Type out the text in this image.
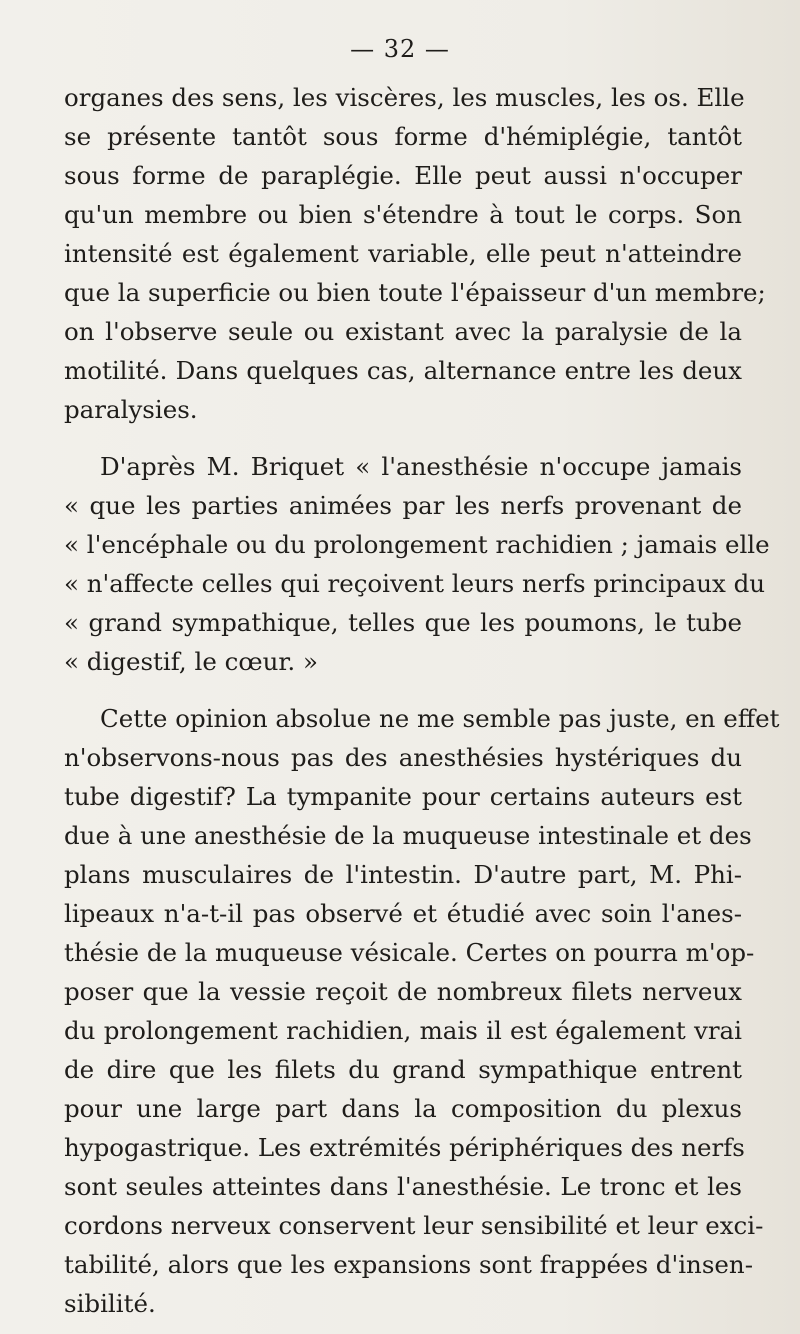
— 32 —
organes des sens, les viscères, les muscles, les os. Elle
se présente tantôt sous forme d'hémiplégie, tantôt
sous forme de paraplégie. Elle peut aussi n'occuper
qu'un membre ou bien s'étendre à tout le corps. Son
intensité est également variable, elle peut n'atteindre
que la superficie ou bien toute l'épaisseur d'un membre;
on l'observe seule ou existant avec la paralysie de la
motilité. Dans quelques cas, alternance entre les deux
paralysies.
D'après M. Briquet « l'anesthésie n'occupe jamais
« que les parties animées par les nerfs provenant de
« l'encéphale ou du prolongement rachidien ; jamais elle
« n'affecte celles qui reçoivent leurs nerfs principaux du
« grand sympathique, telles que les poumons, le tube
« digestif, le cœur. »
Cette opinion absolue ne me semble pas juste, en effet
n'observons-nous pas des anesthésies hystériques du
tube digestif? La tympanite pour certains auteurs est
due à une anesthésie de la muqueuse intestinale et des
plans musculaires de l'intestin. D'autre part, M. Phi-
lipeaux n'a-t-il pas observé et étudié avec soin l'anes-
thésie de la muqueuse vésicale. Certes on pourra m'op-
poser que la vessie reçoit de nombreux filets nerveux
du prolongement rachidien, mais il est également vrai
de dire que les filets du grand sympathique entrent
pour une large part dans la composition du plexus
hypogastrique. Les extrémités périphériques des nerfs
sont seules atteintes dans l'anesthésie. Le tronc et les
cordons nerveux conservent leur sensibilité et leur exci-
tabilité, alors que les expansions sont frappées d'insen-
sibilité.
